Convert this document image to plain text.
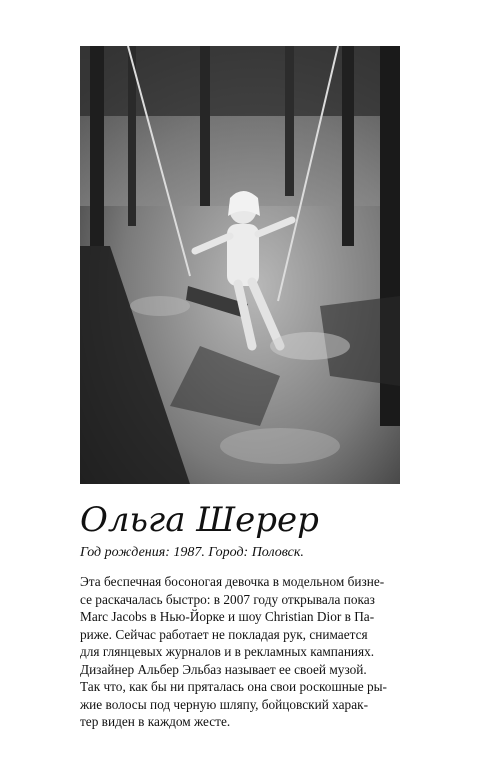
Ольга Шерер

Год рождения: 1987. Город: Половск.

Эта беспечная босоногая девочка в модельном бизне-
се раскачалась быстро: в 2007 году открывала показ
Marc Jacobs в Нью-Йорке и шоу Christian Dior в Па-
риже. Сейчас работает не покладая рук, снимается
для глянцевых журналов и в рекламных кампаниях.
Дизайнер Альбер Эльбаз называет ее своей музой.
Так что, как бы ни пряталась она свои роскошные ры-
жие волосы под черную шляпу, бойцовский харак-
тер виден в каждом жесте.
